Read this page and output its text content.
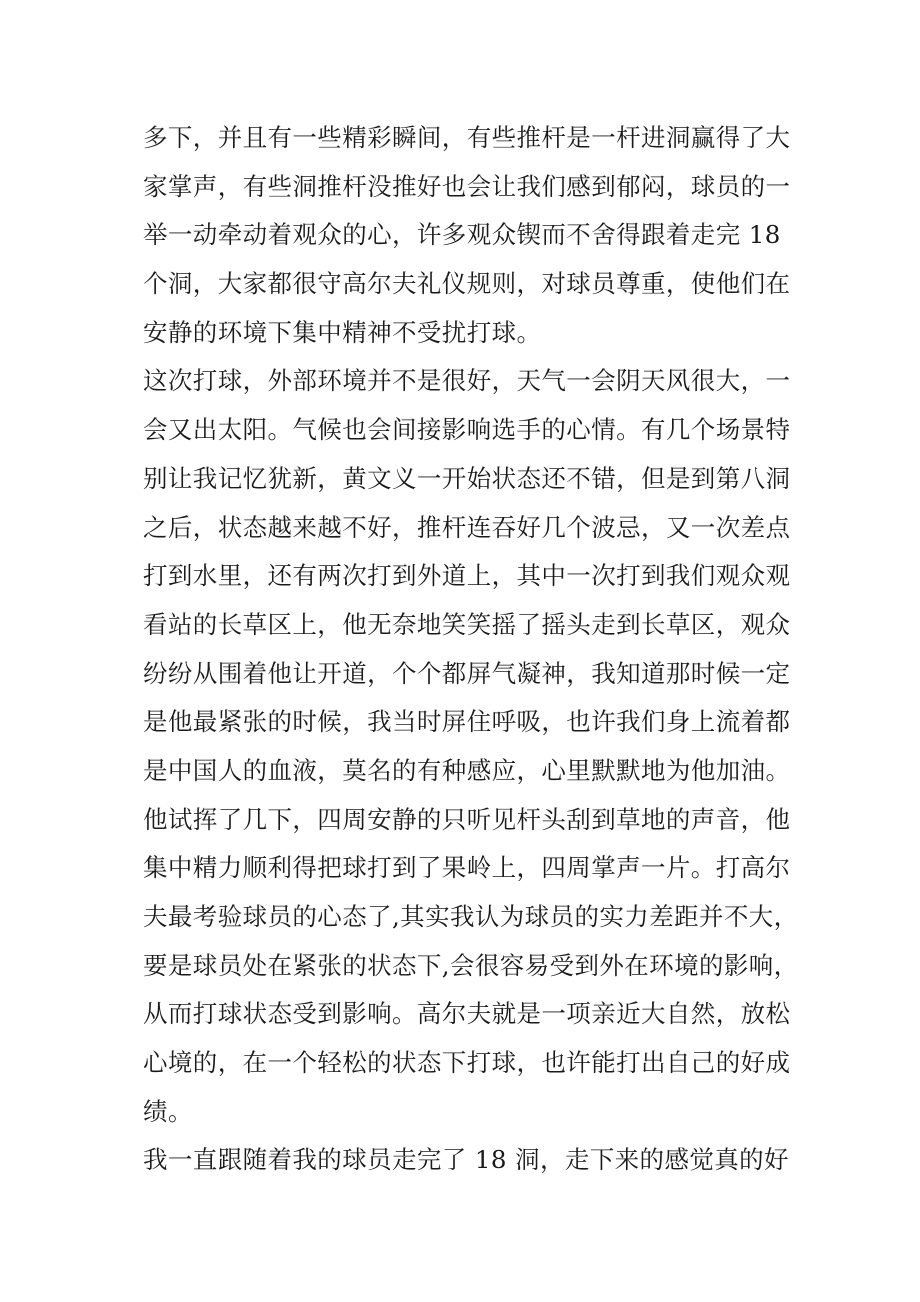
多下，并且有一些精彩瞬间，有些推杆是一杆进洞赢得了大
家掌声，有些洞推杆没推好也会让我们感到郁闷，球员的一
举一动牵动着观众的心，许多观众锲而不舍得跟着走完 18
个洞，大家都很守高尔夫礼仪规则，对球员尊重，使他们在
安静的环境下集中精神不受扰打球。
这次打球，外部环境并不是很好，天气一会阴天风很大，一
会又出太阳。气候也会间接影响选手的心情。有几个场景特
别让我记忆犹新，黄文义一开始状态还不错，但是到第八洞
之后，状态越来越不好，推杆连吞好几个波忌，又一次差点
打到水里，还有两次打到外道上，其中一次打到我们观众观
看站的长草区上，他无奈地笑笑摇了摇头走到长草区，观众
纷纷从围着他让开道，个个都屏气凝神，我知道那时候一定
是他最紧张的时候，我当时屏住呼吸，也许我们身上流着都
是中国人的血液，莫名的有种感应，心里默默地为他加油。
他试挥了几下，四周安静的只听见杆头刮到草地的声音，他
集中精力顺利得把球打到了果岭上，四周掌声一片。打高尔
夫最考验球员的心态了,其实我认为球员的实力差距并不大，
要是球员处在紧张的状态下,会很容易受到外在环境的影响，
从而打球状态受到影响。高尔夫就是一项亲近大自然，放松
心境的，在一个轻松的状态下打球，也许能打出自己的好成
绩。
我一直跟随着我的球员走完了 18 洞，走下来的感觉真的好
